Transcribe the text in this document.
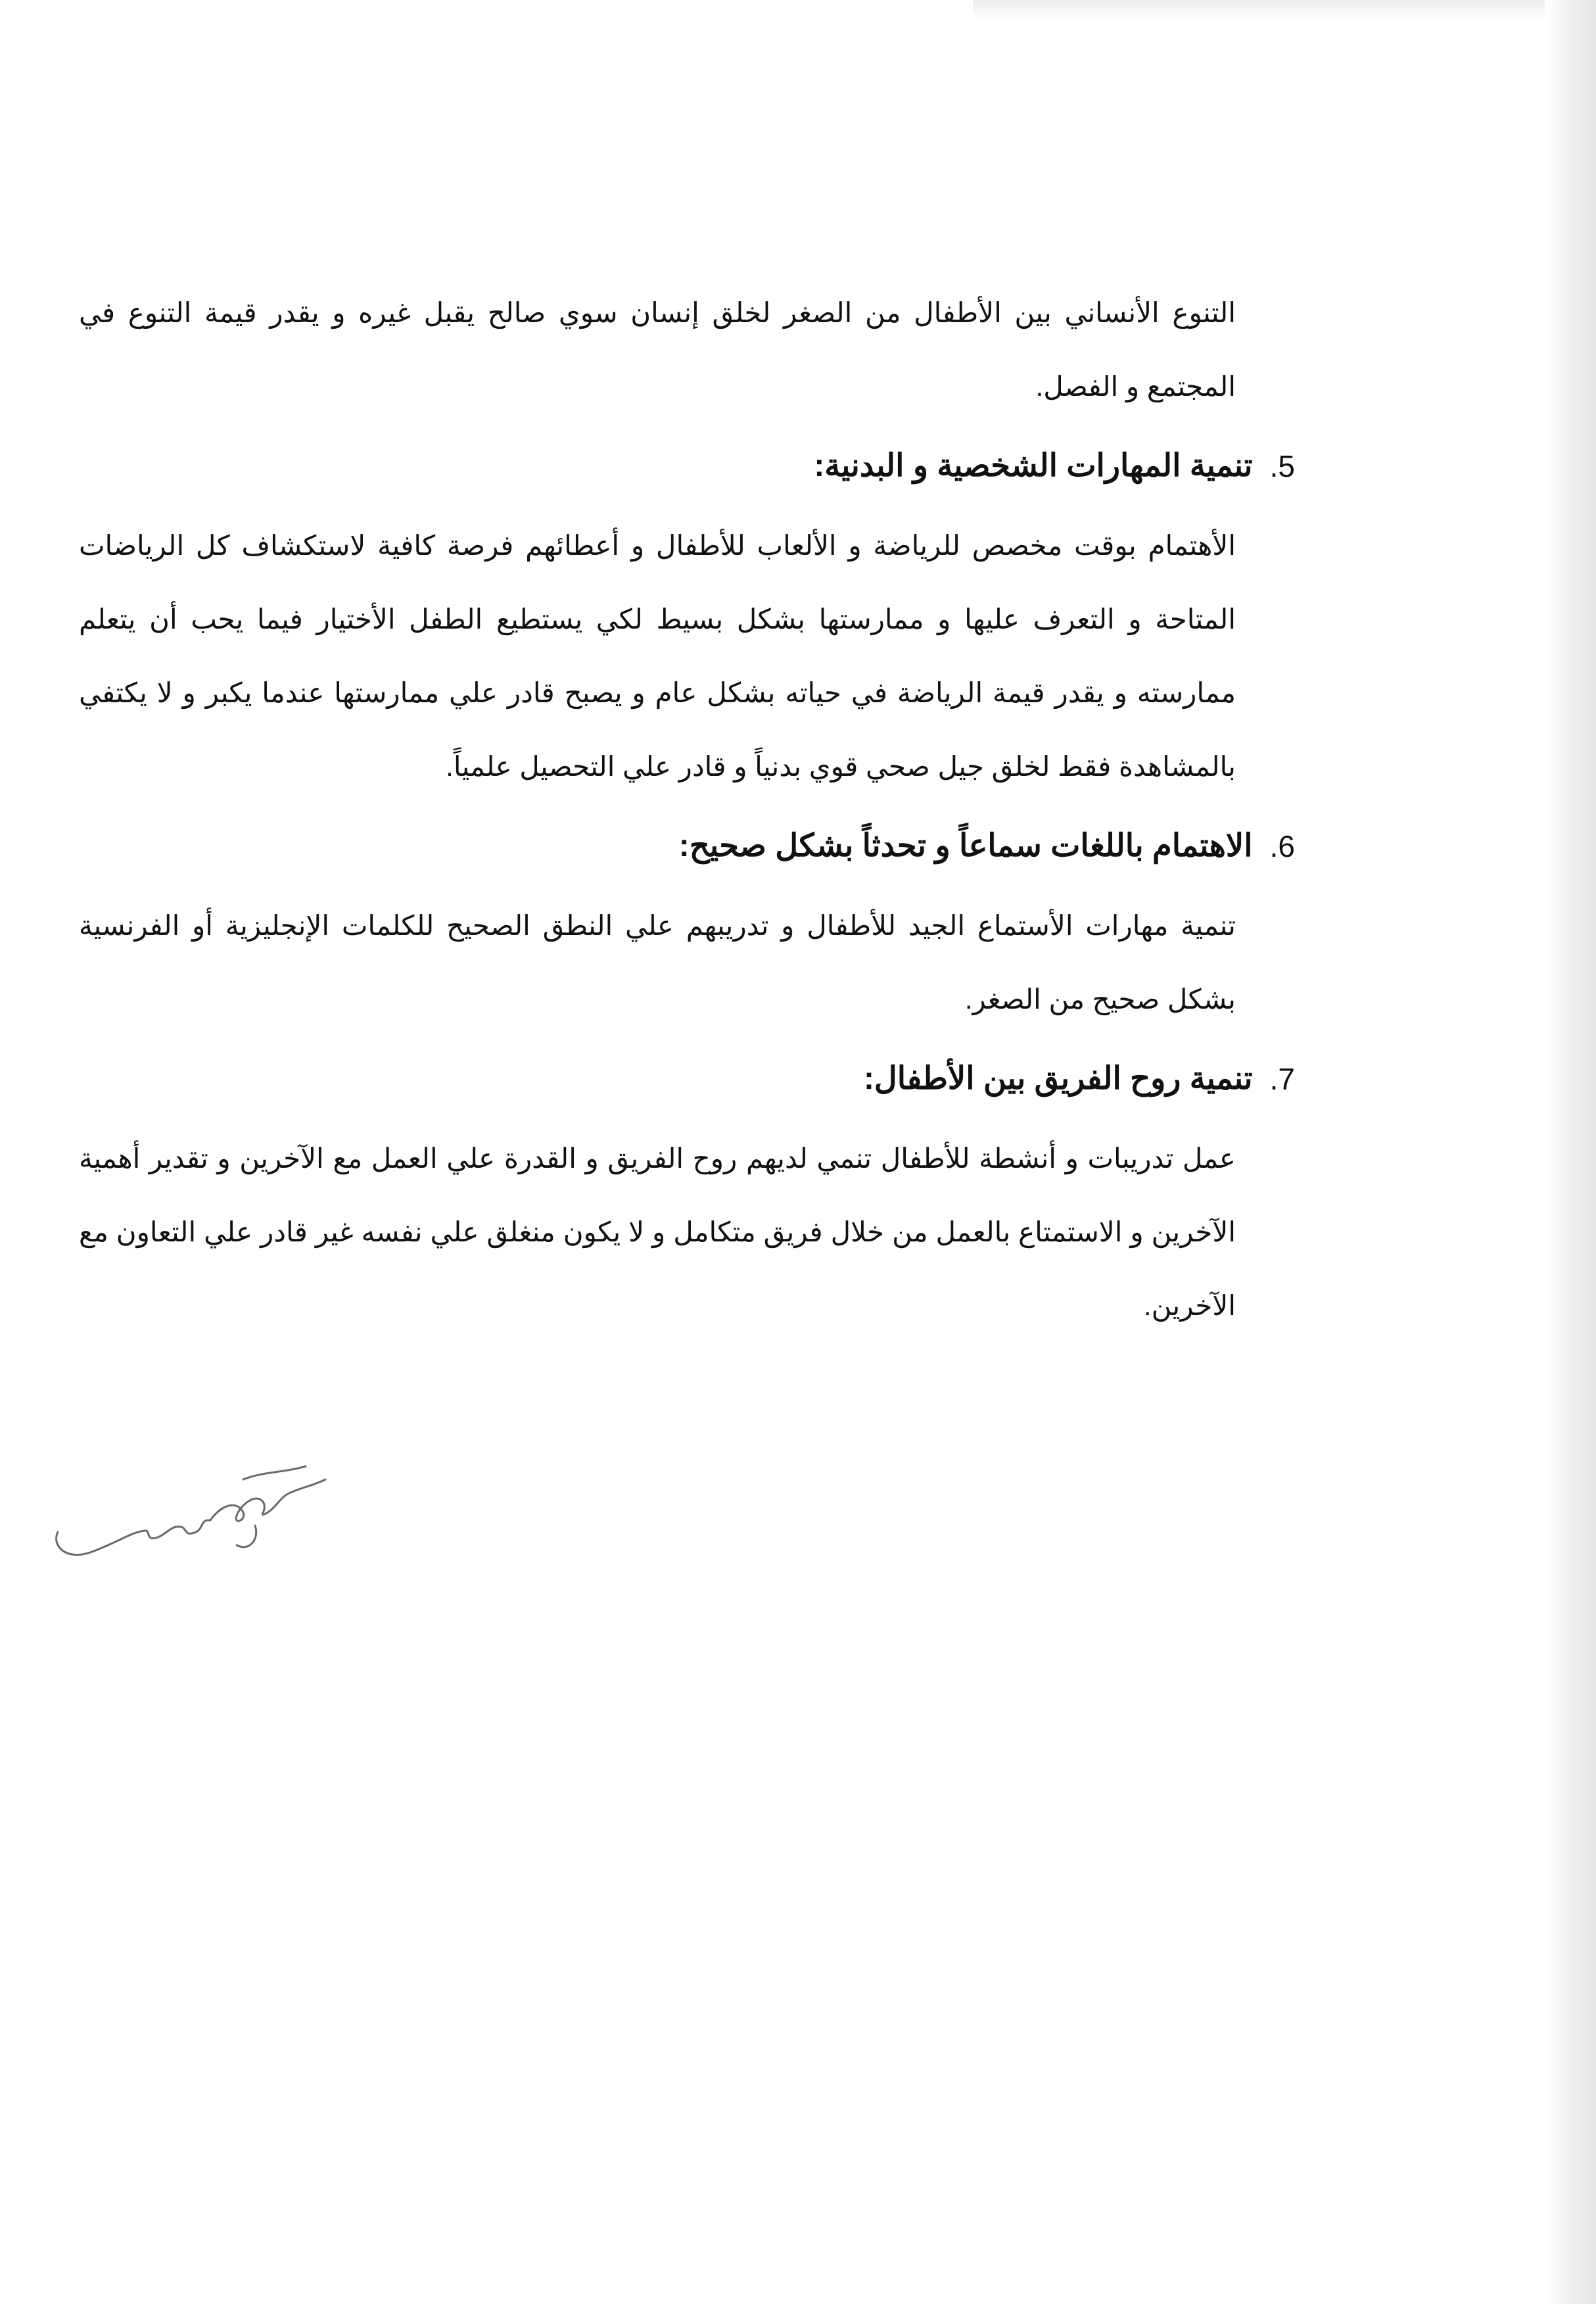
التنوع الأنساني بين الأطفال من الصغر لخلق إنسان سوي صالح يقبل غيره و يقدر قيمة التنوع في المجتمع و الفصل.

5.
تنمية المهارات الشخصية و البدنية:

الأهتمام بوقت مخصص للرياضة و الألعاب للأطفال و أعطائهم فرصة كافية لاستكشاف كل الرياضات المتاحة و التعرف عليها و ممارستها بشكل بسيط لكي يستطيع الطفل الأختيار فيما يحب أن يتعلم ممارسته و يقدر قيمة الرياضة في حياته بشكل عام و يصبح قادر علي ممارستها عندما يكبر و لا يكتفي بالمشاهدة فقط لخلق جيل صحي قوي بدنياً و قادر علي التحصيل علمياً.

6.
الاهتمام باللغات سماعاً و تحدثاً بشكل صحيح:

تنمية مهارات الأستماع الجيد للأطفال و تدريبهم علي النطق الصحيح للكلمات الإنجليزية أو الفرنسية بشكل صحيح من الصغر.

7.
تنمية روح الفريق بين الأطفال:

عمل تدريبات و أنشطة للأطفال تنمي لديهم روح الفريق و القدرة علي العمل مع الآخرين و تقدير أهمية الآخرين و الاستمتاع بالعمل من خلال فريق متكامل و لا يكون منغلق علي نفسه غير قادر علي التعاون مع الآخرين.
